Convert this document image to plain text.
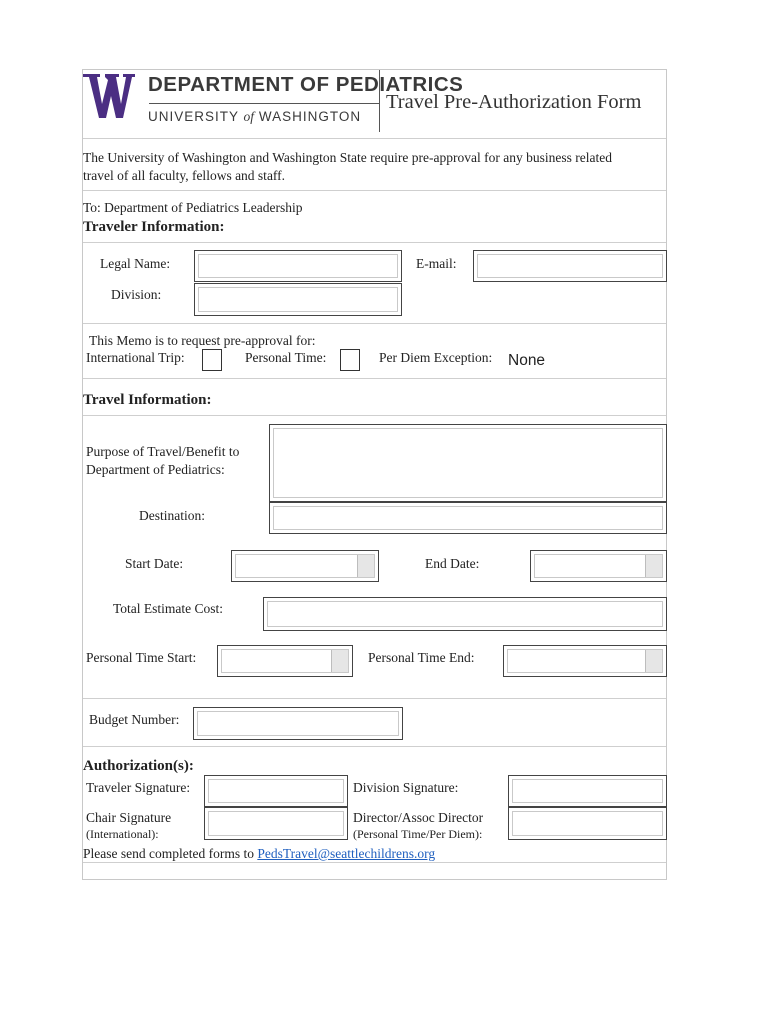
DEPARTMENT OF PEDIATRICS
UNIVERSITY of WASHINGTON
Travel Pre-Authorization Form
The University of Washington and Washington State require pre-approval for any business related
travel of all faculty, fellows and staff.
To: Department of Pediatrics Leadership
Traveler Information:
Legal Name:	E-mail:
Division:
This Memo is to request pre-approval for:
International Trip:	Personal Time:	Per Diem Exception: None
Travel Information:
Purpose of Travel/Benefit to
Department of Pediatrics:
Destination:
Start Date:	End Date:
Total Estimate Cost:
Personal Time Start:	Personal Time End:
Budget Number:
Authorization(s):
Traveler Signature:	Division Signature:
Chair Signature
(International):
Director/Assoc Director
(Personal Time/Per Diem):
Please send completed forms to PedsTravel@seattlechildrens.org
